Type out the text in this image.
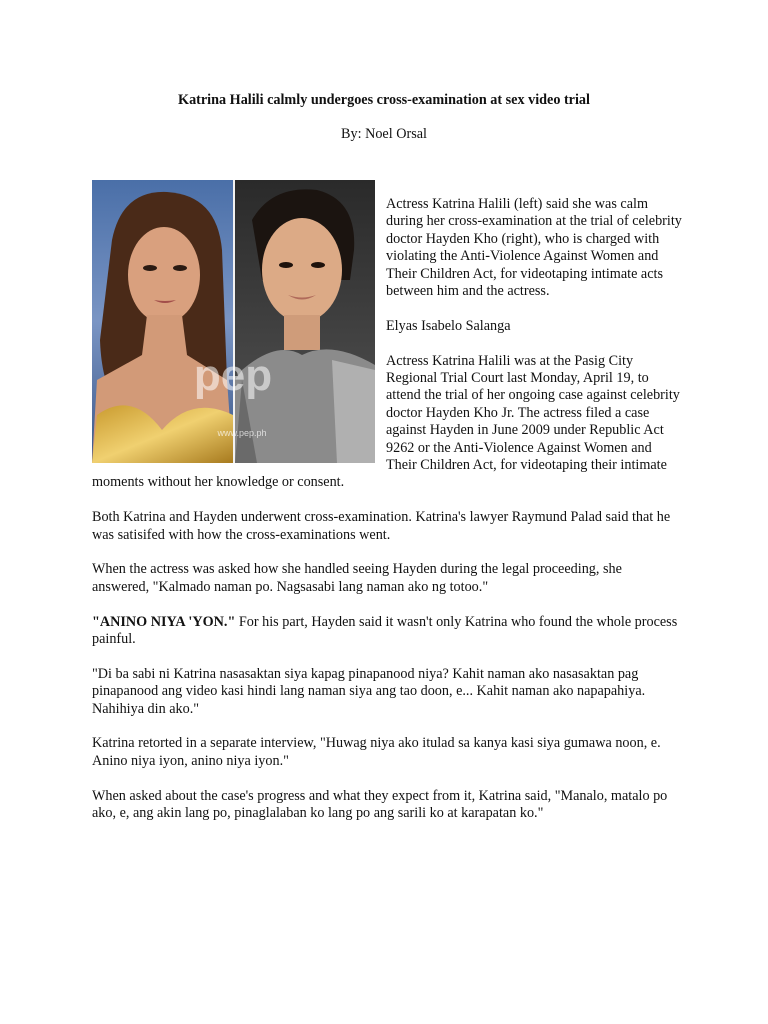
Katrina Halili calmly undergoes cross-examination at sex video trial
By: Noel Orsal
pep
www.pep.ph

Actress Katrina Halili (left) said she was calm during her cross-examination at the trial of celebrity doctor Hayden Kho (right), who is charged with violating the Anti-Violence Against Women and Their Children Act, for videotaping intimate acts between him and the actress.

Elyas Isabelo Salanga

Actress Katrina Halili was at the Pasig City Regional Trial Court last Monday, April 19, to attend the trial of her ongoing case against celebrity doctor Hayden Kho Jr. The actress filed a case against Hayden in June 2009 under Republic Act 9262 or the Anti-Violence Against Women and Their Children Act, for videotaping their intimate moments without her knowledge or consent.

Both Katrina and Hayden underwent cross-examination. Katrina's lawyer Raymund Palad said that he was satisifed with how the cross-examinations went.

When the actress was asked how she handled seeing Hayden during the legal proceeding, she answered, "Kalmado naman po. Nagsasabi lang naman ako ng totoo."

"ANINO NIYA 'YON." For his part, Hayden said it wasn't only Katrina who found the whole process painful.

"Di ba sabi ni Katrina nasasaktan siya kapag pinapanood niya? Kahit naman ako nasasaktan pag pinapanood ang video kasi hindi lang naman siya ang tao doon, e... Kahit naman ako napapahiya. Nahihiya din ako."

Katrina retorted in a separate interview, "Huwag niya ako itulad sa kanya kasi siya gumawa noon, e. Anino niya iyon, anino niya iyon."

When asked about the case's progress and what they expect from it, Katrina said, "Manalo, matalo po ako, e, ang akin lang po, pinaglalaban ko lang po ang sarili ko at karapatan ko."
